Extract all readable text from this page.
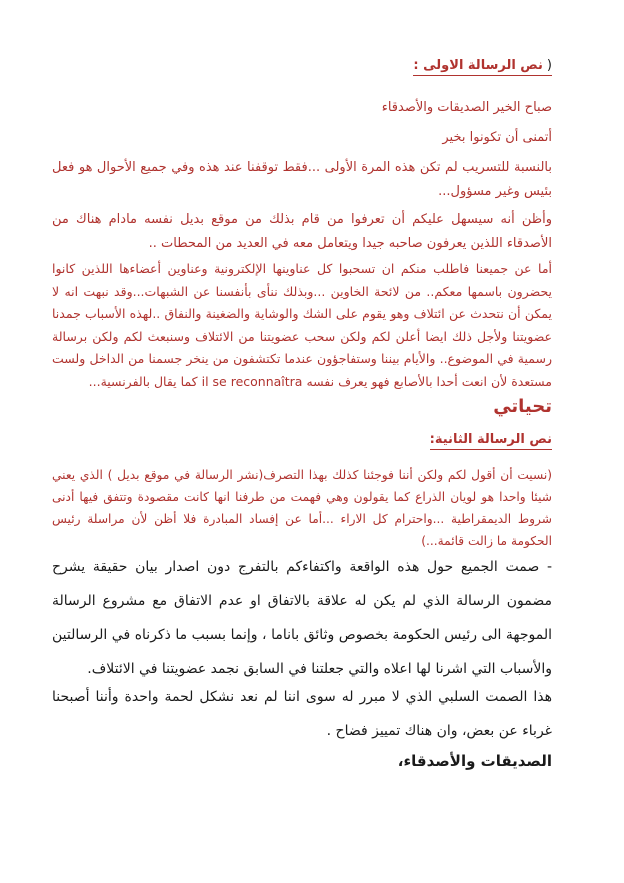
(نص الرسالة الاولى :
صباح الخير الصديقات والأصدقاء
أتمنى أن تكونوا بخير
بالنسبة للتسريب لم تكن هذه المرة الأولى ...فقط توقفنا عند هذه وفي جميع الأحوال هو فعل بئيس وغير مسؤول...
وأظن أنه سيسهل عليكم أن تعرفوا من قام بذلك من موقع بديل نفسه مادام هناك من الأصدقاء اللذين يعرفون صاحبه جيدا ويتعامل معه في العديد من المحطات ..
أما عن جميعنا فاطلب منكم ان تسحبوا كل عناوينها الإلكترونية وعناوين أعضاءها اللذين كانوا يحضرون باسمها معكم.. من لائحة الخاوين ...وبذلك ننأى بأنفسنا عن الشبهات...وقد نبهت انه لا يمكن أن نتحدث عن ائتلاف وهو يقوم على الشك والوشاية والضغينة والنفاق ..لهذه الأسباب جمدنا عضويتنا ولأجل ذلك ايضا أعلن لكم ولكن سحب عضويتنا من الائتلاف وسنبعث لكم ولكن برسالة رسمية في الموضوع.. والأيام بيننا وستفاجؤون عندما تكتشفون من ينخر جسمنا من الداخل ولست مستعدة لأن انعت أحدا بالأصابع فهو يعرف نفسه il se reconnaîtra كما يقال بالفرنسية...
تحياتي
نص الرسالة الثانية:
(نسيت أن أقول لكم ولكن أننا فوجئنا كذلك بهذا التصرف(نشر الرسالة في موقع بديل ) الذي يعني شيئا واحدا هو لويان الذراع كما يقولون وهي فهمت من طرفنا انها كانت مقصودة وتتفق فيها أدنى شروط الديمقراطية ...واحترام كل الاراء ...أما عن إفساد المبادرة فلا أظن لأن مراسلة رئيس الحكومة ما زالت قائمة...)
- صمت الجميع حول هذه الواقعة واكتفاءكم بالتفرج دون اصدار بيان حقيقة يشرح مضمون الرسالة الذي لم يكن له علاقة بالاتفاق او عدم الاتفاق مع مشروع الرسالة الموجهة الى رئيس الحكومة بخصوص وثائق باناما ، وإنما بسبب ما ذكرناه في الرسالتين والأسباب التي اشرنا لها اعلاه والتي جعلتنا في السابق نجمد عضويتنا في الائتلاف.
هذا الصمت السلبي الذي لا مبرر له سوى اننا لم نعد نشكل لحمة واحدة وأننا أصبحنا غرباء عن بعض، وان هناك تمييز فضاح .
الصديقات والأصدقاء،
